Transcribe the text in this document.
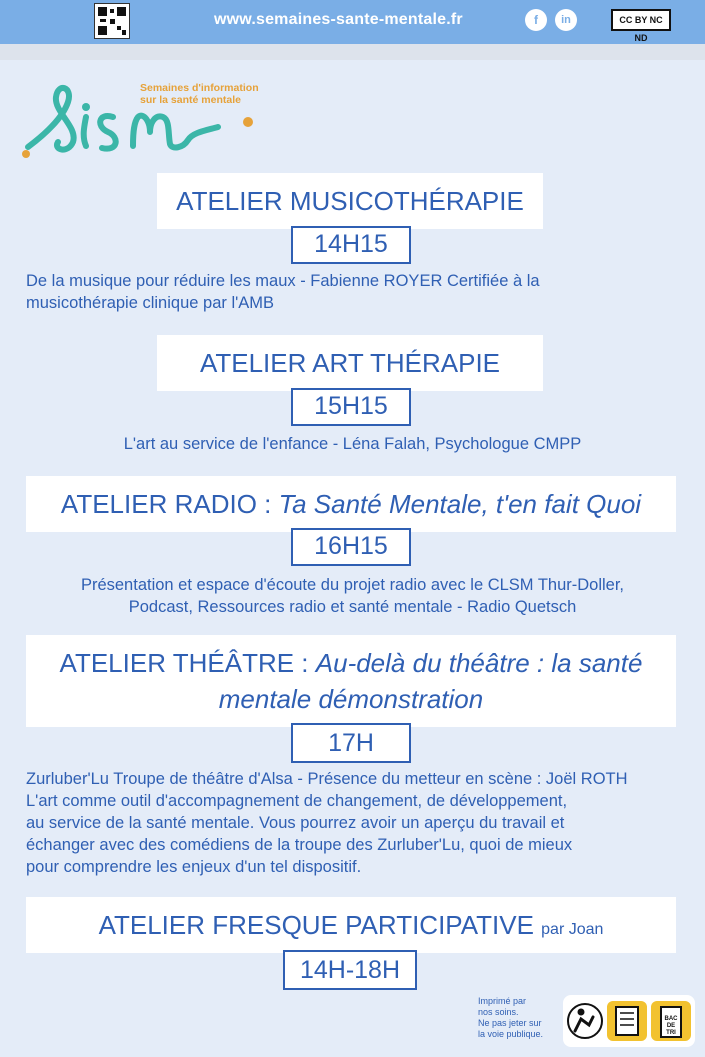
www.semaines-sante-mentale.fr	f	in	CC BY NC ND
Semaines d'information
sur la santé mentale
ATELIER MUSICOTHÉRAPIE
14H15
De la musique pour réduire les maux - Fabienne ROYER Certifiée à la
musicothérapie clinique par l'AMB
ATELIER ART THÉRAPIE
15H15
L'art au service de l'enfance - Léna Falah, Psychologue CMPP
ATELIER RADIO : Ta Santé Mentale, t'en fait Quoi
16H15
Présentation et espace d'écoute du projet radio avec le CLSM Thur-Doller,
Podcast, Ressources radio et santé mentale - Radio Quetsch
ATELIER THÉÂTRE : Au-delà du théâtre : la santé
mentale démonstration
17H
Zurluber'Lu Troupe de théâtre d'Alsa - Présence du metteur en scène : Joël ROTH
L'art comme outil d'accompagnement de changement, de développement,
au service de la santé mentale. Vous pourrez avoir un aperçu du travail et
échanger avec des comédiens de la troupe des Zurluber'Lu, quoi de mieux
pour comprendre les enjeux d'un tel dispositif.
ATELIER FRESQUE PARTICIPATIVE par Joan
14H-18H
Imprimé par
nos soins.
Ne pas jeter sur
la voie publique.
BAC
DE
TRI
